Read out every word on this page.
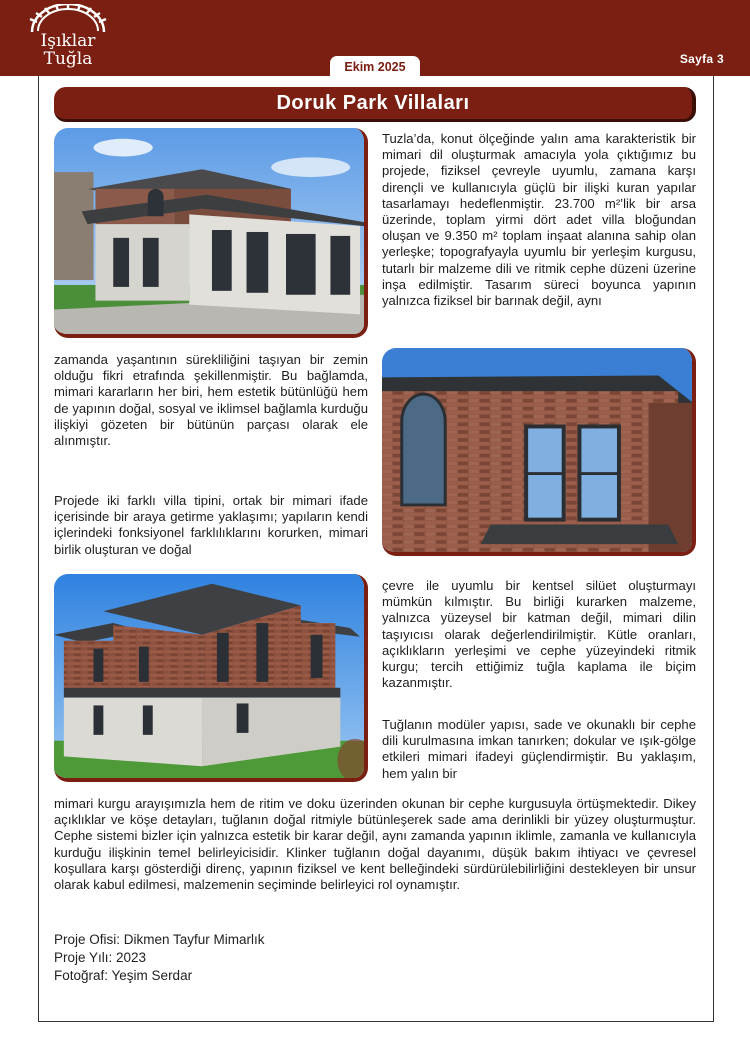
Işıklar
Tuğla	Ekim 2025
Sayfa 3
Doruk Park Villaları

Tuzla’da, konut ölçeğinde yalın ama karakteristik bir mimari dil oluşturmak amacıyla yola çıktığımız bu projede, fiziksel çevreyle uyumlu, zamana karşı dirençli ve kullanıcıyla güçlü bir ilişki kuran yapılar tasarlamayı hedeflenmiştir. 23.700 m²’lik bir arsa üzerinde, toplam yirmi dört adet villa bloğundan oluşan ve 9.350 m² toplam inşaat alanına sahip olan yerleşke; topografyayla uyumlu bir yerleşim kurgusu, tutarlı bir malzeme dili ve ritmik cephe düzeni üzerine inşa edilmiştir. Tasarım süreci boyunca yapının yalnızca fiziksel bir barınak değil, aynı

zamanda yaşantının sürekliliğini taşıyan bir zemin olduğu fikri etrafında şekillenmiştir. Bu bağlamda, mimari kararların her biri, hem estetik bütünlüğü hem de yapının doğal, sosyal ve iklimsel bağlamla kurduğu ilişkiyi gözeten bir bütünün parçası olarak ele alınmıştır.

Projede iki farklı villa tipini, ortak bir mimari ifade içerisinde bir araya getirme yaklaşımı; yapıların kendi içlerindeki fonksiyonel farklılıklarını korurken, mimari birlik oluşturan ve doğal

çevre ile uyumlu bir kentsel silüet oluşturmayı mümkün kılmıştır. Bu birliği kurarken malzeme, yalnızca yüzeysel bir katman değil, mimari dilin taşıyıcısı olarak değerlendirilmiştir. Kütle oranları, açıklıkların yerleşimi ve cephe yüzeyindeki ritmik kurgu; tercih ettiğimiz tuğla kaplama ile biçim kazanmıştır.

Tuğlanın modüler yapısı, sade ve okunaklı bir cephe dili kurulmasına imkan tanırken; dokular ve ışık-gölge etkileri mimari ifadeyi güçlendirmiştir. Bu yaklaşım, hem yalın bir

mimari kurgu arayışımızla hem de ritim ve doku üzerinden okunan bir cephe kurgusuyla örtüşmektedir. Dikey açıklıklar ve köşe detayları, tuğlanın doğal ritmiyle bütünleşerek sade ama derinlikli bir yüzey oluşturmuştur. Cephe sistemi bizler için yalnızca estetik bir karar değil, aynı zamanda yapının iklimle, zamanla ve kullanıcıyla kurduğu ilişkinin temel belirleyicisidir. Klinker tuğlanın doğal dayanımı, düşük bakım ihtiyacı ve çevresel koşullara karşı gösterdiği direnç, yapının fiziksel ve kent belleğindeki sürdürülebilirliğini destekleyen bir unsur olarak kabul edilmesi, malzemenin seçiminde belirleyici rol oynamıştır.

Proje Ofisi: Dikmen Tayfur Mimarlık
Proje Yılı: 2023
Fotoğraf: Yeşim Serdar
